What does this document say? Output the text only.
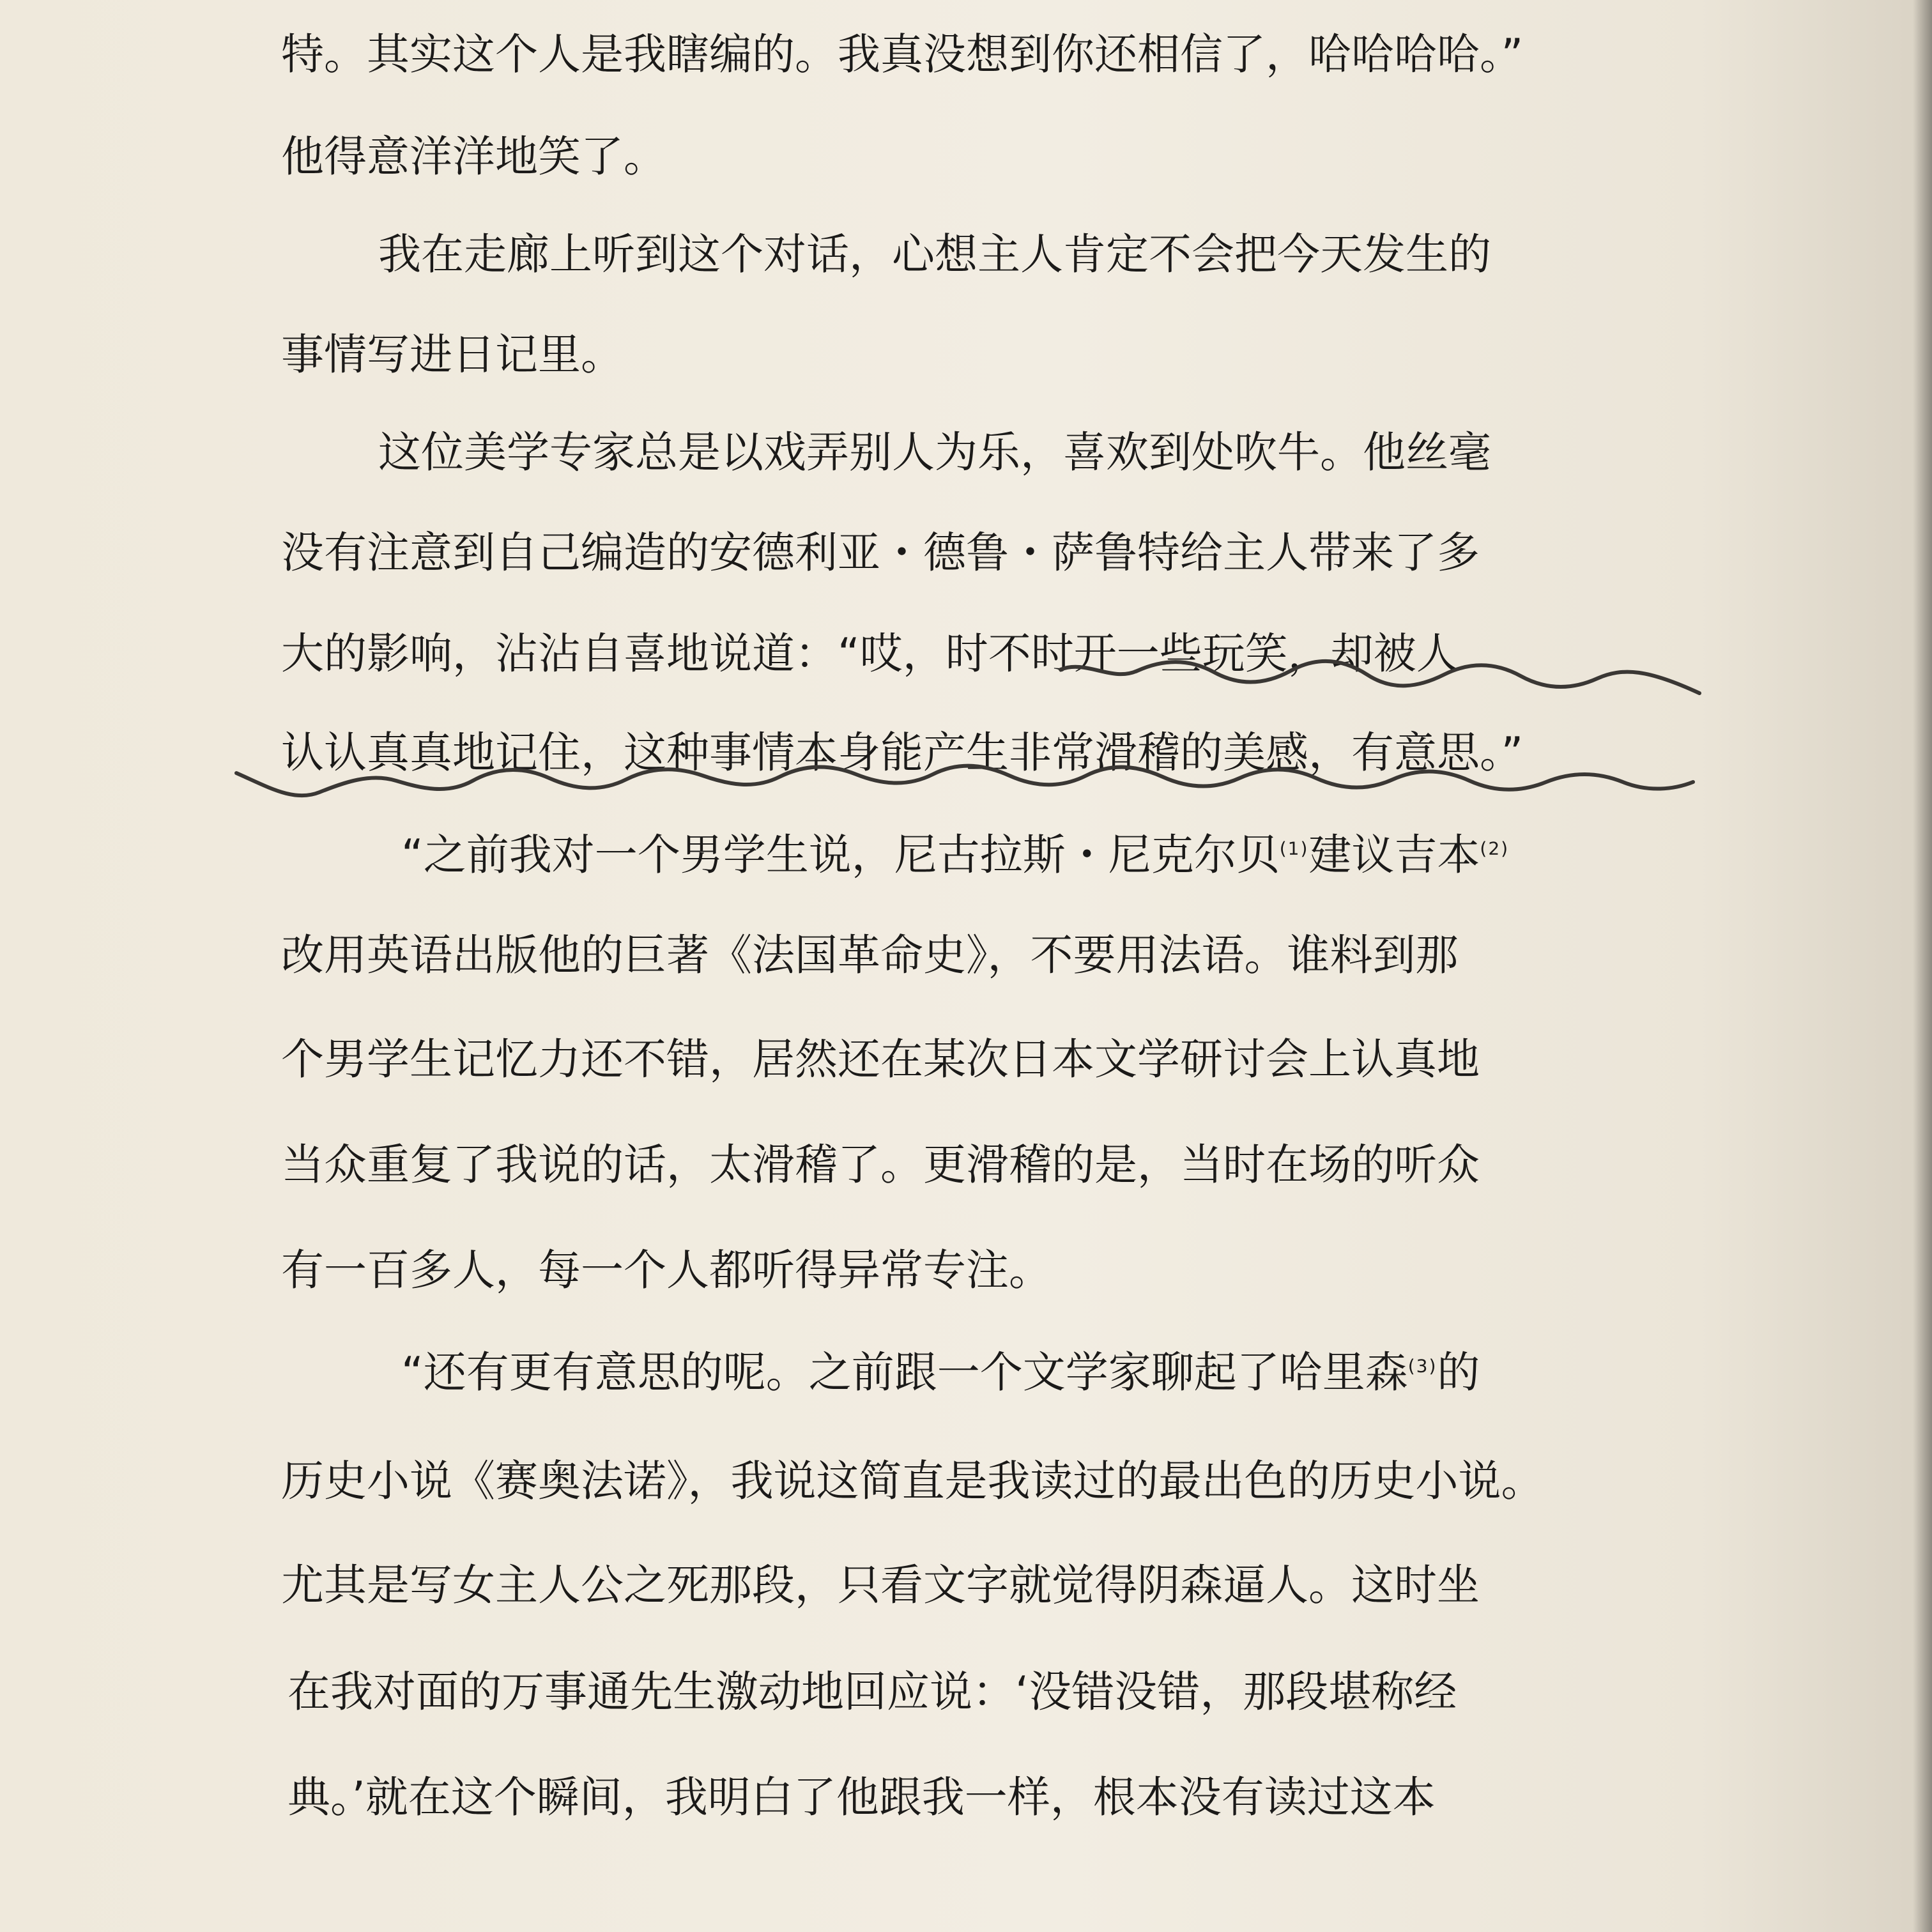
特。其实这个人是我瞎编的。我真没想到你还相信了，哈哈哈哈。”
他得意洋洋地笑了。
我在走廊上听到这个对话，心想主人肯定不会把今天发生的
事情写进日记里。
这位美学专家总是以戏弄别人为乐，喜欢到处吹牛。他丝毫
没有注意到自己编造的安德利亚・德鲁・萨鲁特给主人带来了多
大的影响，沾沾自喜地说道：“哎，时不时开一些玩笑，却被人
认认真真地记住，这种事情本身能产生非常滑稽的美感，有意思。”
“之前我对一个男学生说，尼古拉斯・尼克尔贝$^{(1)}$建议吉本$^{(2)}$
改用英语出版他的巨著《法国革命史》，不要用法语。谁料到那
个男学生记忆力还不错，居然还在某次日本文学研讨会上认真地
当众重复了我说的话，太滑稽了。更滑稽的是，当时在场的听众
有一百多人，每一个人都听得异常专注。
“还有更有意思的呢。之前跟一个文学家聊起了哈里森$^{(3)}$的
历史小说《赛奥法诺》，我说这简直是我读过的最出色的历史小说。
尤其是写女主人公之死那段，只看文字就觉得阴森逼人。这时坐
在我对面的万事通先生激动地回应说：‘没错没错，那段堪称经
典。’就在这个瞬间，我明白了他跟我一样，根本没有读过这本
